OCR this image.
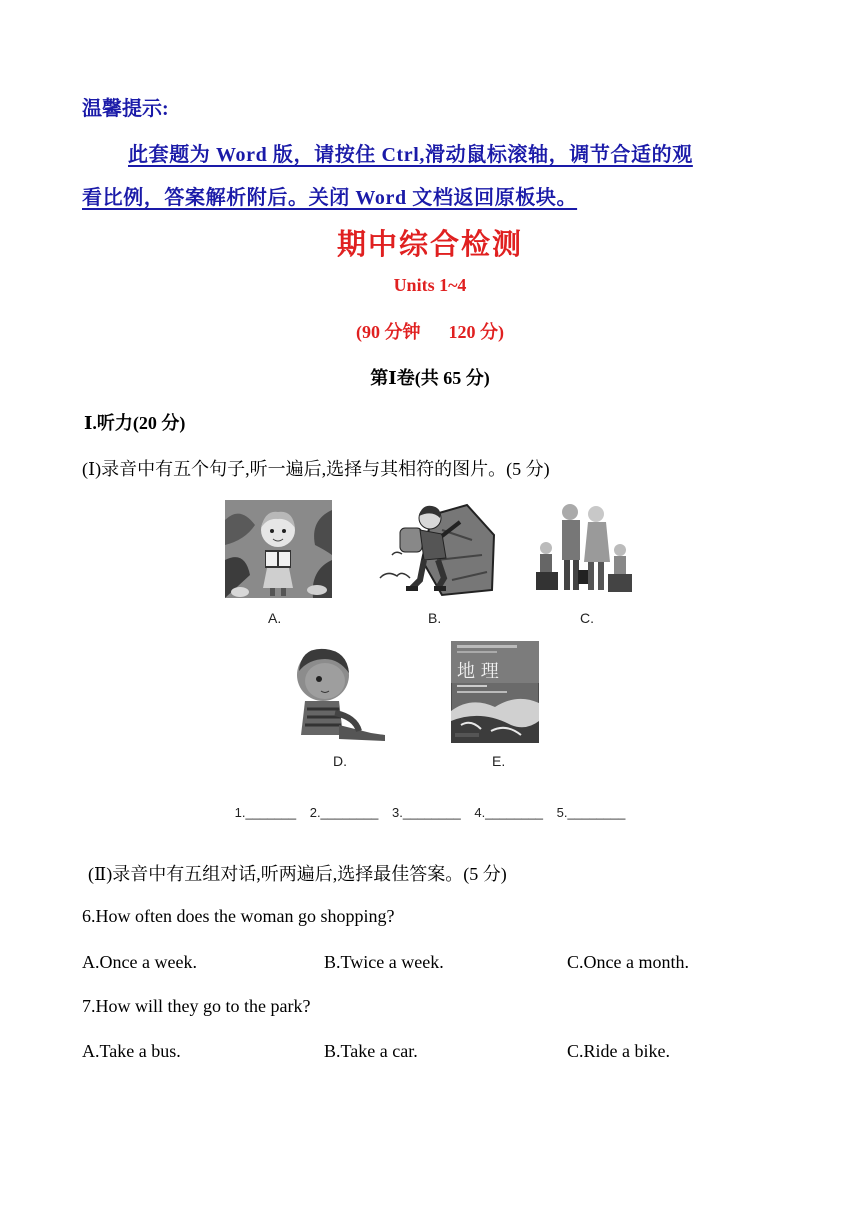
温馨提示:
此套题为 Word 版，请按住 Ctrl,滑动鼠标滚轴，调节合适的观
看比例，答案解析附后。关闭 Word 文档返回原板块。
期中综合检测
Units 1~4
(90 分钟 120 分)
第Ⅰ卷(共 65 分)
Ⅰ.听力(20 分)
(Ⅰ)录音中有五个句子,听一遍后,选择与其相符的图片。(5 分)
A.	B.	C.
D.
地 理
E.
1._______ 2.________ 3.________ 4.________ 5.________
(Ⅱ)录音中有五组对话,听两遍后,选择最佳答案。(5 分)
6.How often does the woman go shopping?
A.Once a week.	B.Twice a week.	C.Once a month.
7.How will they go to the park?
A.Take a bus.	B.Take a car.	C.Ride a bike.
